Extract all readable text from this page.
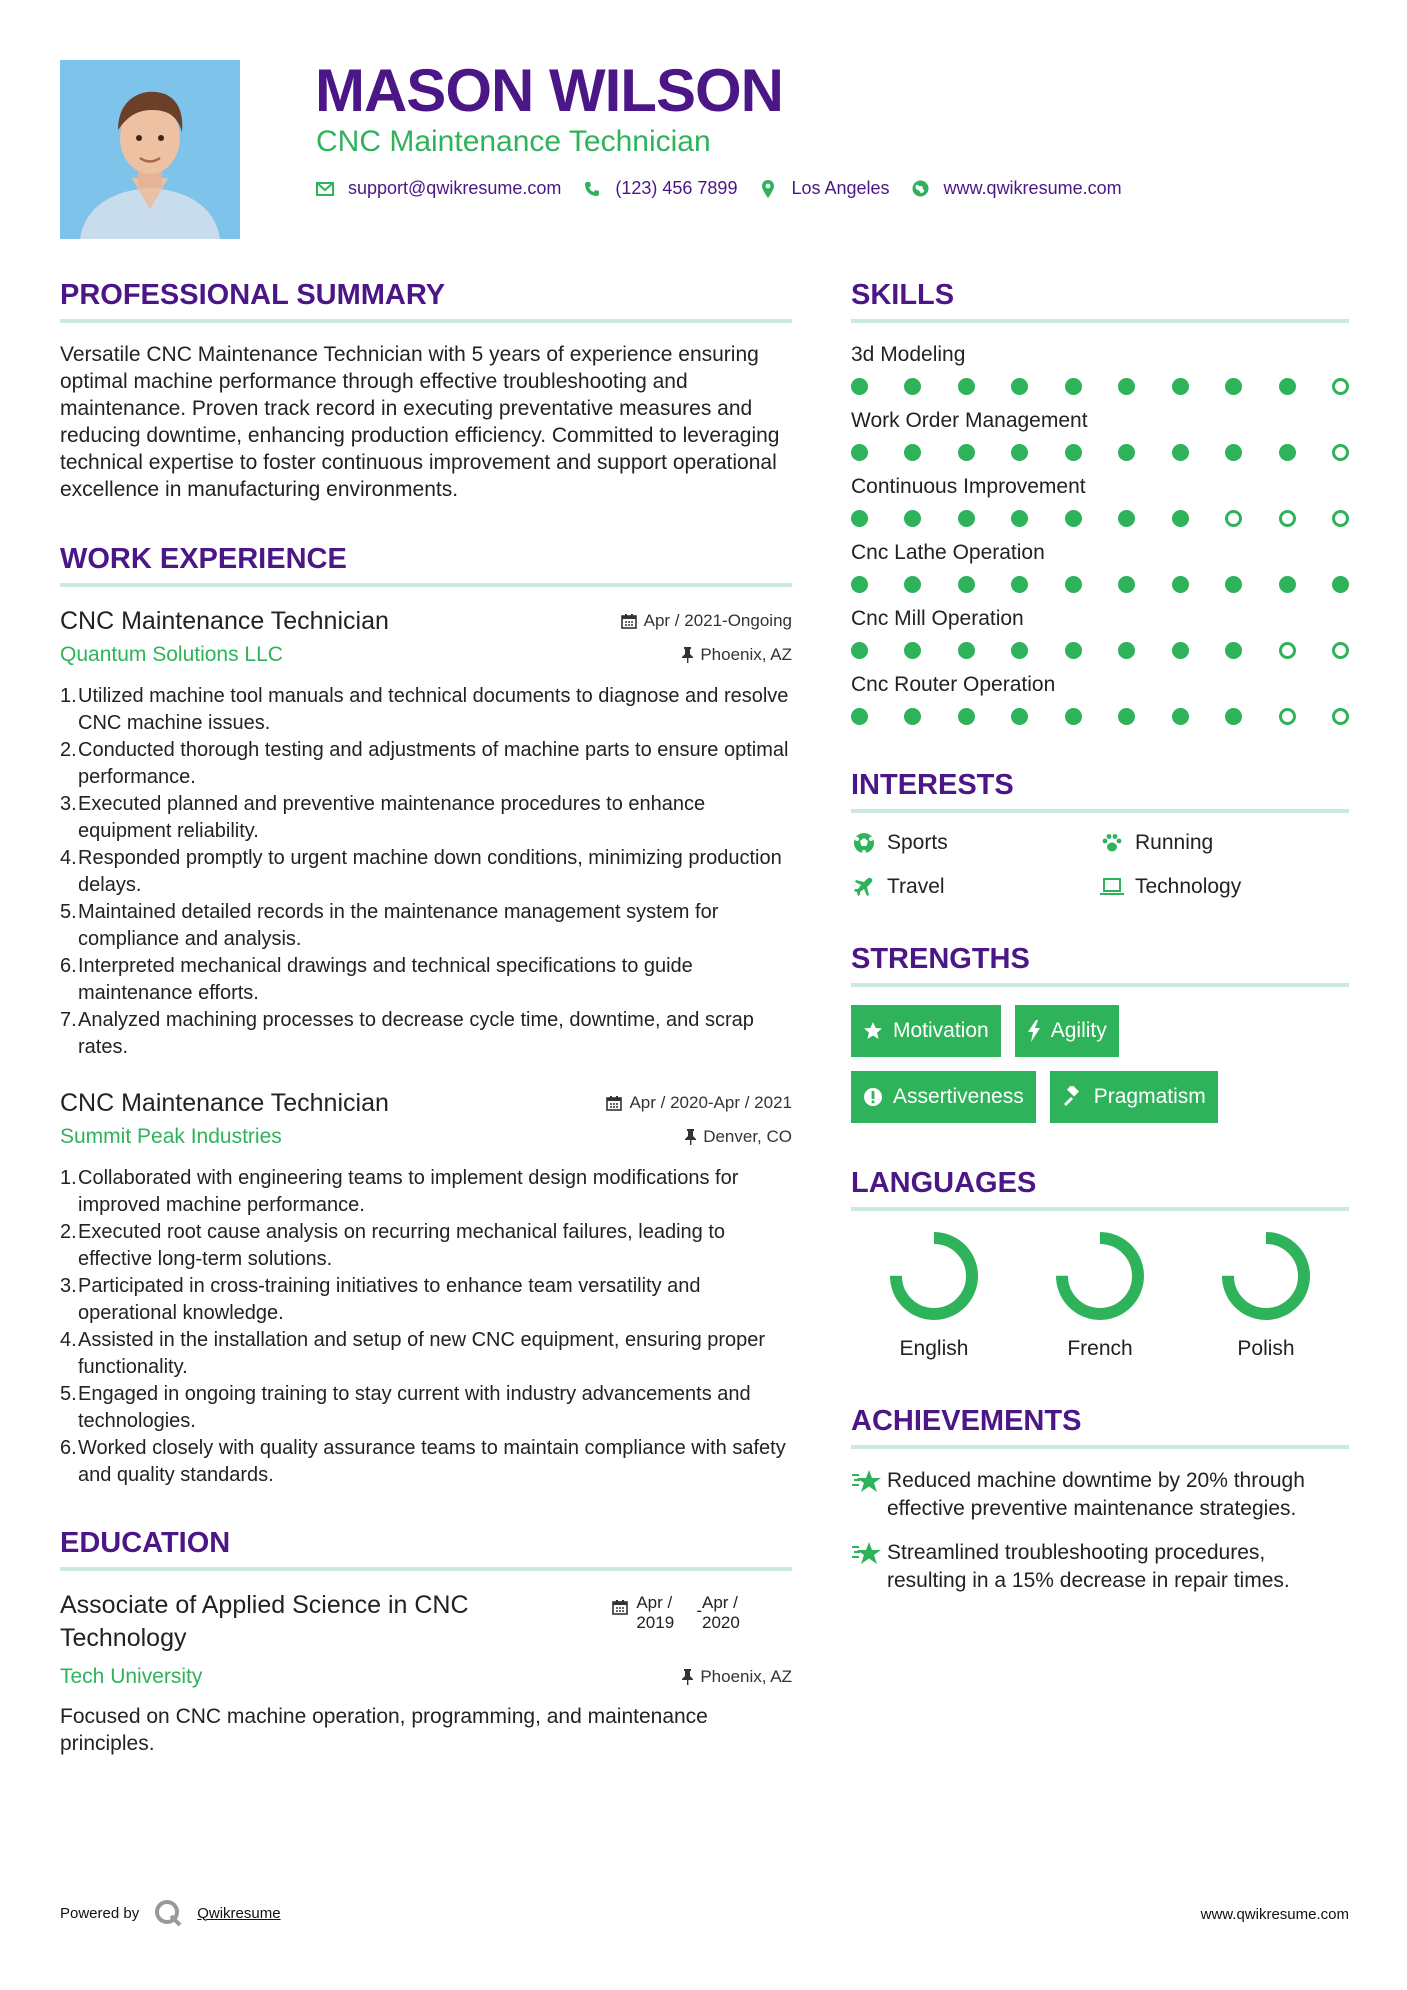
MASON WILSON
CNC Maintenance Technician
support@qwikresume.com	(123) 456 7899	Los Angeles	www.qwikresume.com
PROFESSIONAL SUMMARY

Versatile CNC Maintenance Technician with 5 years of experience ensuring optimal machine performance through effective troubleshooting and maintenance. Proven track record in executing preventative measures and reducing downtime, enhancing production efficiency. Committed to leveraging technical expertise to foster continuous improvement and support operational excellence in manufacturing environments.

WORK EXPERIENCE
CNC Maintenance Technician	Apr / 2021-Ongoing
Quantum Solutions LLC	Phoenix, AZ
1. Utilized machine tool manuals and technical documents to diagnose and resolve CNC machine issues.
2. Conducted thorough testing and adjustments of machine parts to ensure optimal performance.
3. Executed planned and preventive maintenance procedures to enhance equipment reliability.
4. Responded promptly to urgent machine down conditions, minimizing production delays.
5. Maintained detailed records in the maintenance management system for compliance and analysis.
6. Interpreted mechanical drawings and technical specifications to guide maintenance efforts.
7. Analyzed machining processes to decrease cycle time, downtime, and scrap rates.
CNC Maintenance Technician	Apr / 2020-Apr / 2021
Summit Peak Industries	Denver, CO
1. Collaborated with engineering teams to implement design modifications for improved machine performance.
2. Executed root cause analysis on recurring mechanical failures, leading to effective long-term solutions.
3. Participated in cross-training initiatives to enhance team versatility and operational knowledge.
4. Assisted in the installation and setup of new CNC equipment, ensuring proper functionality.
5. Engaged in ongoing training to stay current with industry advancements and technologies.
6. Worked closely with quality assurance teams to maintain compliance with safety and quality standards.
EDUCATION
Associate of Applied Science in CNC Technology
Apr / 2019
- Apr / 2020
Tech University	Phoenix, AZ

Focused on CNC machine operation, programming, and maintenance principles.

SKILLS
3d Modeling
Work Order Management
Continuous Improvement
Cnc Lathe Operation
Cnc Mill Operation
Cnc Router Operation
INTERESTS
Sports	Running
Travel	Technology
STRENGTHS
Motivation	Agility
Assertiveness	Pragmatism
LANGUAGES
English	French	Polish
ACHIEVEMENTS
Reduced machine downtime by 20% through effective preventive maintenance strategies.
Streamlined troubleshooting procedures, resulting in a 15% decrease in repair times.
Powered by	Qwikresume	www.qwikresume.com
